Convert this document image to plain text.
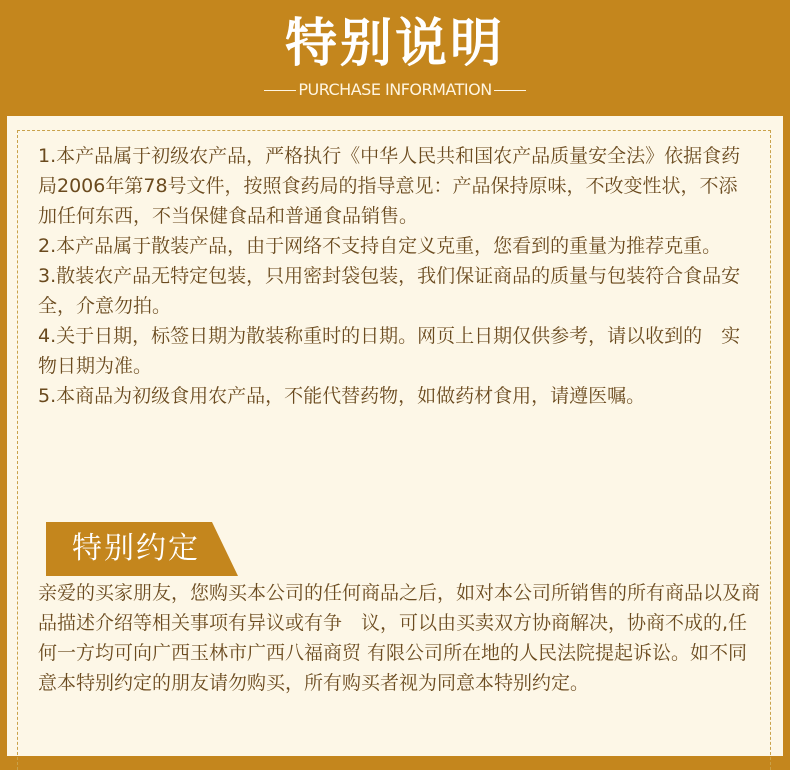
特别说明
PURCHASE INFORMATION
1.本产品属于初级农产品，严格执行《中华人民共和国农产品质量安全法》依据食药局2006年第78号文件，按照食药局的指导意见：产品保持原味，不改变性状，不添加任何东西，不当保健食品和普通食品销售。
2.本产品属于散装产品，由于网络不支持自定义克重，您看到的重量为推荐克重。
3.散装农产品无特定包装，只用密封袋包装，我们保证商品的质量与包装符合食品安全，介意勿拍。
4.关于日期，标签日期为散装称重时的日期。网页上日期仅供参考，请以收到的　实物日期为准。
5.本商品为初级食用农产品，不能代替药物，如做药材食用，请遵医嘱。
特别约定
亲爱的买家朋友，您购买本公司的任何商品之后，如对本公司所销售的所有商品以及商品描述介绍等相关事项有异议或有争　议，可以由买卖双方协商解决，协商不成的,任何一方均可向广西玉林市广西八福商贸 有限公司所在地的人民法院提起诉讼。如不同意本特别约定的朋友请勿购买，所有购买者视为同意本特别约定。
